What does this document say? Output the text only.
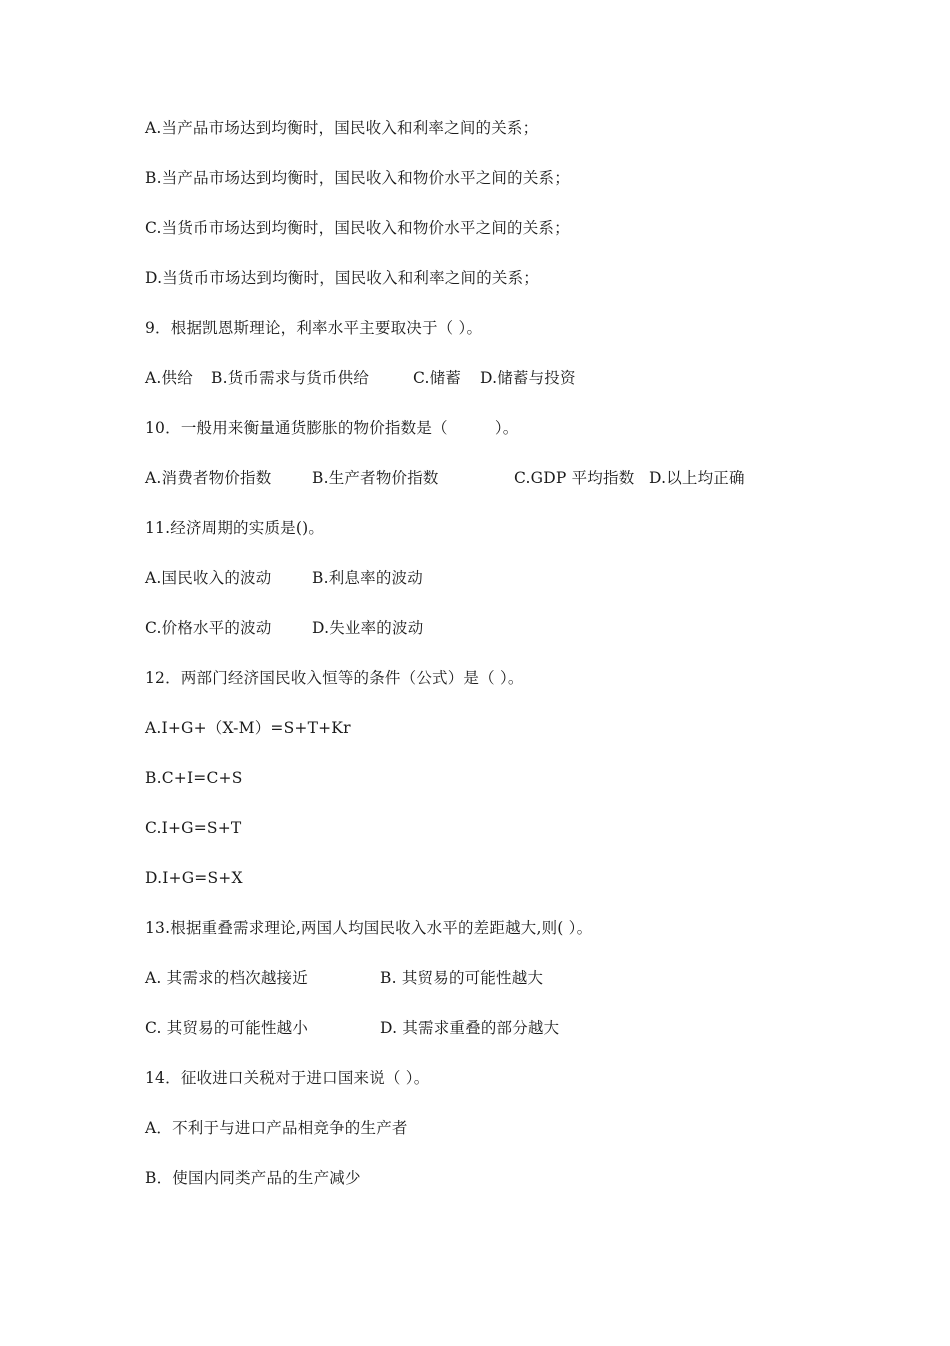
A.当产品市场达到均衡时，国民收入和利率之间的关系；
B.当产品市场达到均衡时，国民收入和物价水平之间的关系；
C.当货币市场达到均衡时，国民收入和物价水平之间的关系；
D.当货币市场达到均衡时，国民收入和利率之间的关系；
9．根据凯恩斯理论，利率水平主要取决于（ ）。

A.供给

B.货币需求与货币供给

	C.储蓄

D.储蓄与投资

10．一般用来衡量通货膨胀的物价指数是（　　　）。

A.消费者物价指数

	B.生产者物价指数

	C.GDP 平均指数

D.以上均正确

11.经济周期的实质是()。

A.国民收入的波动

	B.利息率的波动

C.价格水平的波动

	D.失业率的波动

12．两部门经济国民收入恒等的条件（公式）是（ ）。
A.I+G+（X-M）=S+T+Kr
B.C+I=C+S
C.I+G=S+T
D.I+G=S+X
13.根据重叠需求理论,两国人均国民收入水平的差距越大,则( ）。

A. 其需求的档次越接近

	B. 其贸易的可能性越大

C. 其贸易的可能性越小

	D. 其需求重叠的部分越大

14．征收进口关税对于进口国来说（ ）。
A．不利于与进口产品相竞争的生产者
B．使国内同类产品的生产减少
